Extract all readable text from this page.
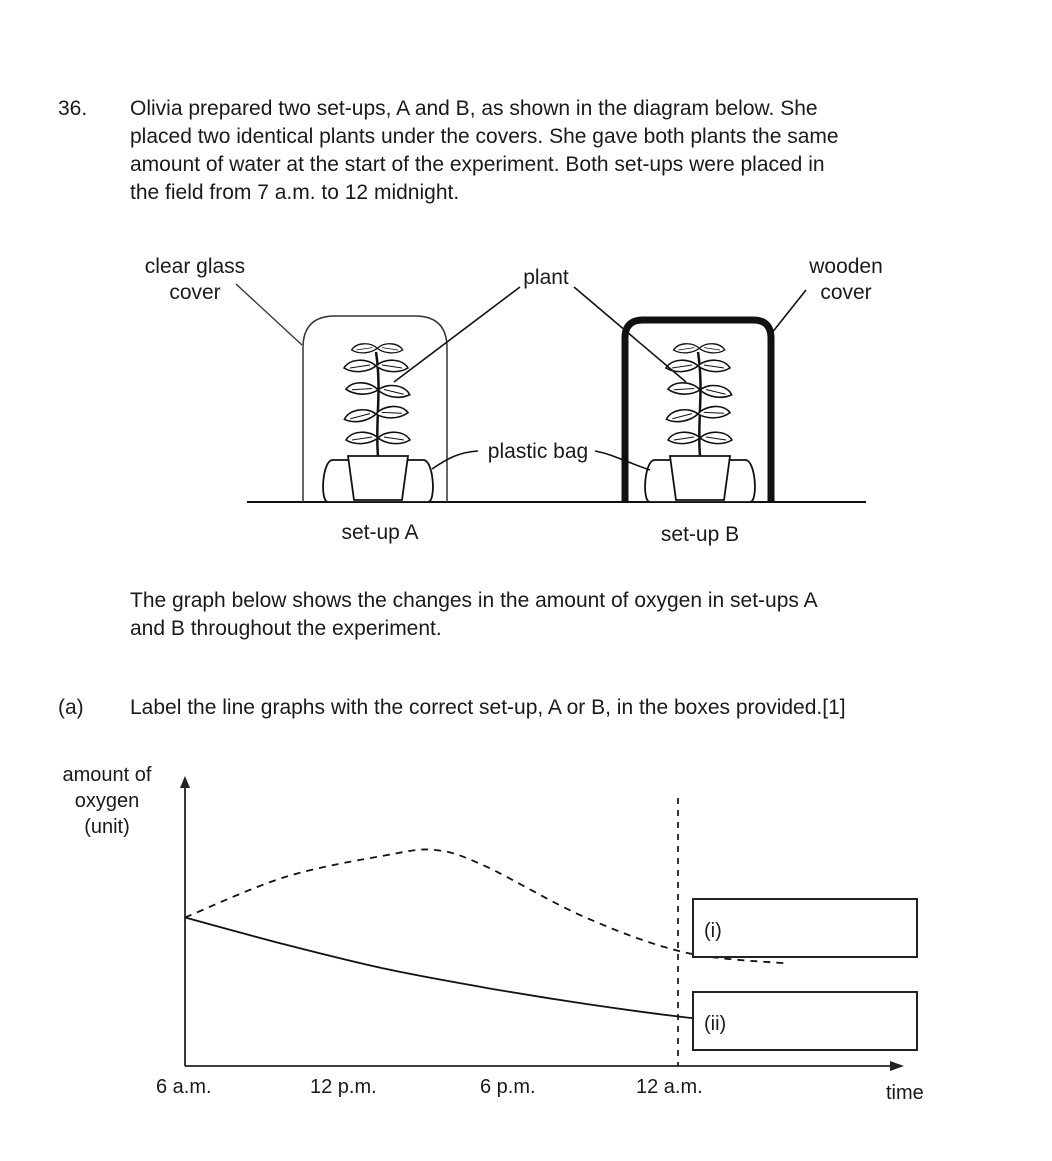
36. Olivia prepared two set-ups, A and B, as shown in the diagram below. She
placed two identical plants under the covers. She gave both plants the same
amount of water at the start of the experiment. Both set-ups were placed in
the field from 7 a.m. to 12 midnight.
clear glass
cover
plant	wooden
cover
plastic bag
set-up A	set-up B
The graph below shows the changes in the amount of oxygen in set-ups A
and B throughout the experiment.
(a) Label the line graphs with the correct set-up, A or B, in the boxes provided.[1]
amount of
oxygen
(unit)
6 a.m.	12 p.m.	6 p.m.	12 a.m.	time
(i)
(ii)
